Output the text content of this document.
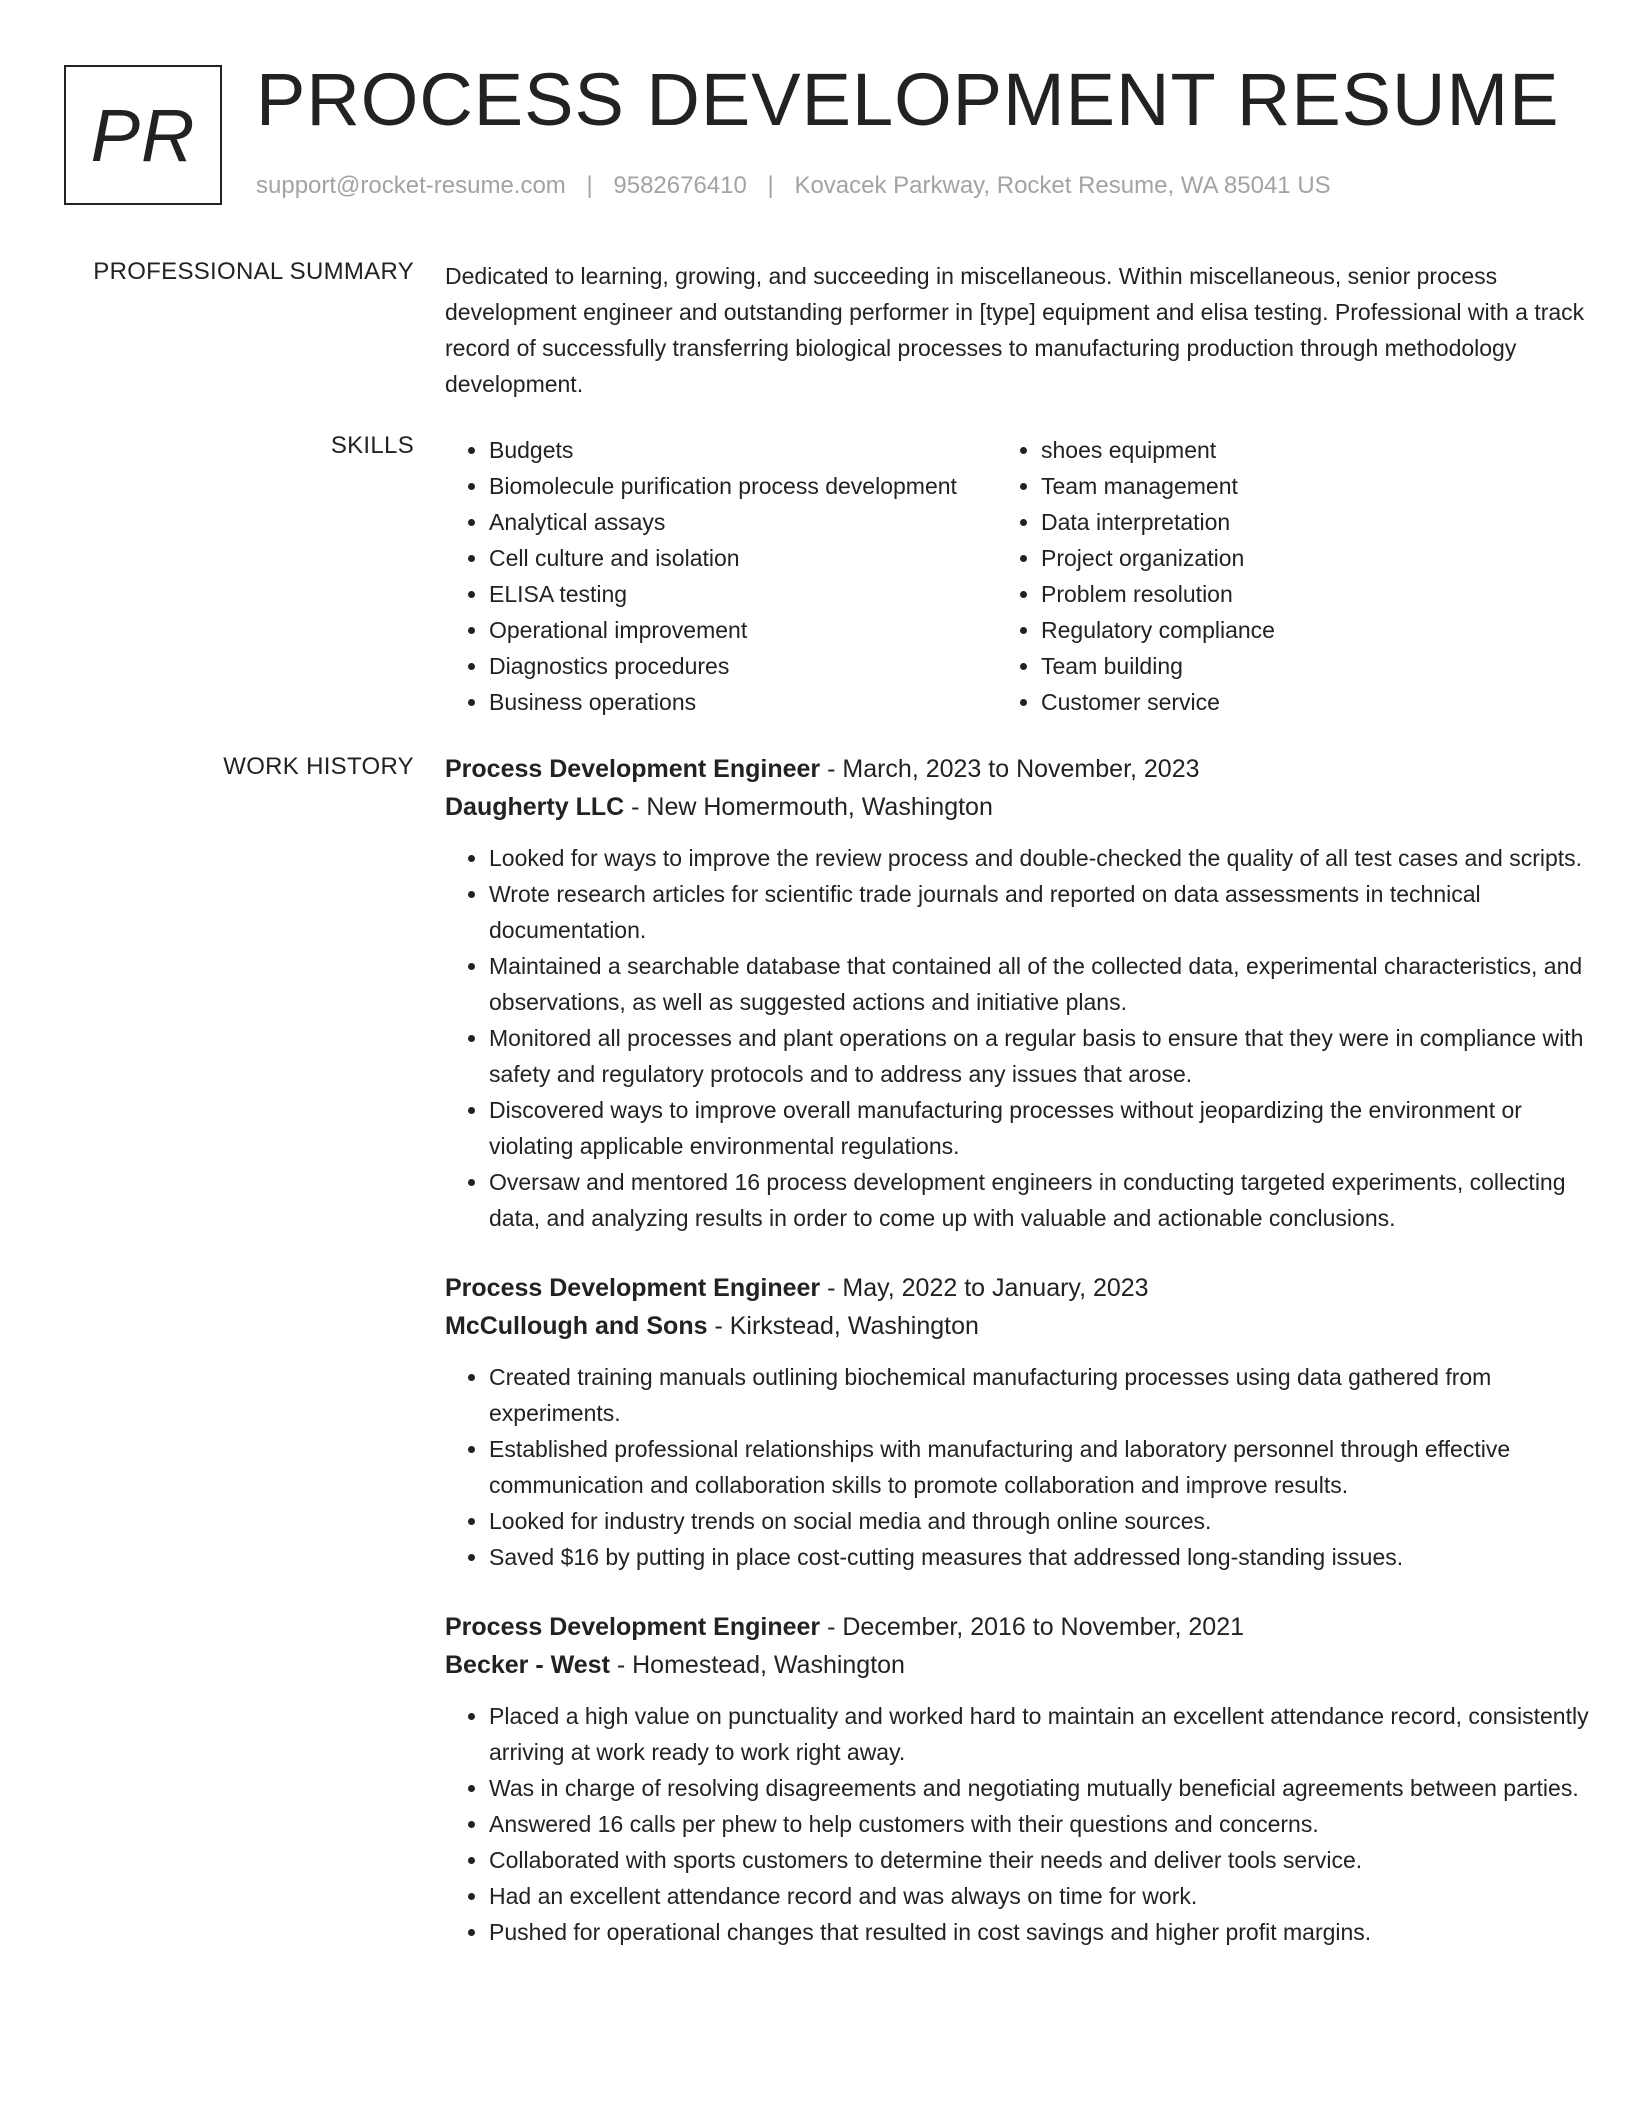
PR PROCESS DEVELOPMENT RESUME
support@rocket-resume.com | 9582676410 | Kovacek Parkway, Rocket Resume, WA 85041 US
PROFESSIONAL SUMMARY Dedicated to learning, growing, and succeeding in miscellaneous. Within miscellaneous, senior process development engineer and outstanding performer in [type] equipment and elisa testing. Professional with a track record of successfully transferring biological processes to manufacturing production through methodology development.

SKILLS
•	Budgets
• Biomolecule purification process development
• Analytical assays
• Cell culture and isolation
• ELISA testing
• Operational improvement
• Diagnostics procedures
• Business operations
• shoes equipment
• Team management
• Data interpretation
• Project organization
• Problem resolution
• Regulatory compliance
• Team building
• Customer service
WORK HISTORY Process Development Engineer - March, 2023 to November, 2023
Daugherty LLC - New Homermouth, Washington
• Looked for ways to improve the review process and double-checked the quality of all test cases and scripts.
• Wrote research articles for scientific trade journals and reported on data assessments in technical documentation.
• Maintained a searchable database that contained all of the collected data, experimental characteristics, and observations, as well as suggested actions and initiative plans.
• Monitored all processes and plant operations on a regular basis to ensure that they were in compliance with safety and regulatory protocols and to address any issues that arose.
• Discovered ways to improve overall manufacturing processes without jeopardizing the environment or violating applicable environmental regulations.
• Oversaw and mentored 16 process development engineers in conducting targeted experiments, collecting data, and analyzing results in order to come up with valuable and actionable conclusions.
Process Development Engineer - May, 2022 to January, 2023
McCullough and Sons - Kirkstead, Washington
• Created training manuals outlining biochemical manufacturing processes using data gathered from experiments.
• Established professional relationships with manufacturing and laboratory personnel through effective communication and collaboration skills to promote collaboration and improve results.
• Looked for industry trends on social media and through online sources.
• Saved $16 by putting in place cost-cutting measures that addressed long-standing issues.
Process Development Engineer - December, 2016 to November, 2021
Becker - West - Homestead, Washington
• Placed a high value on punctuality and worked hard to maintain an excellent attendance record, consistently arriving at work ready to work right away.
• Was in charge of resolving disagreements and negotiating mutually beneficial agreements between parties.
• Answered 16 calls per phew to help customers with their questions and concerns.
• Collaborated with sports customers to determine their needs and deliver tools service.
• Had an excellent attendance record and was always on time for work.
• Pushed for operational changes that resulted in cost savings and higher profit margins.
